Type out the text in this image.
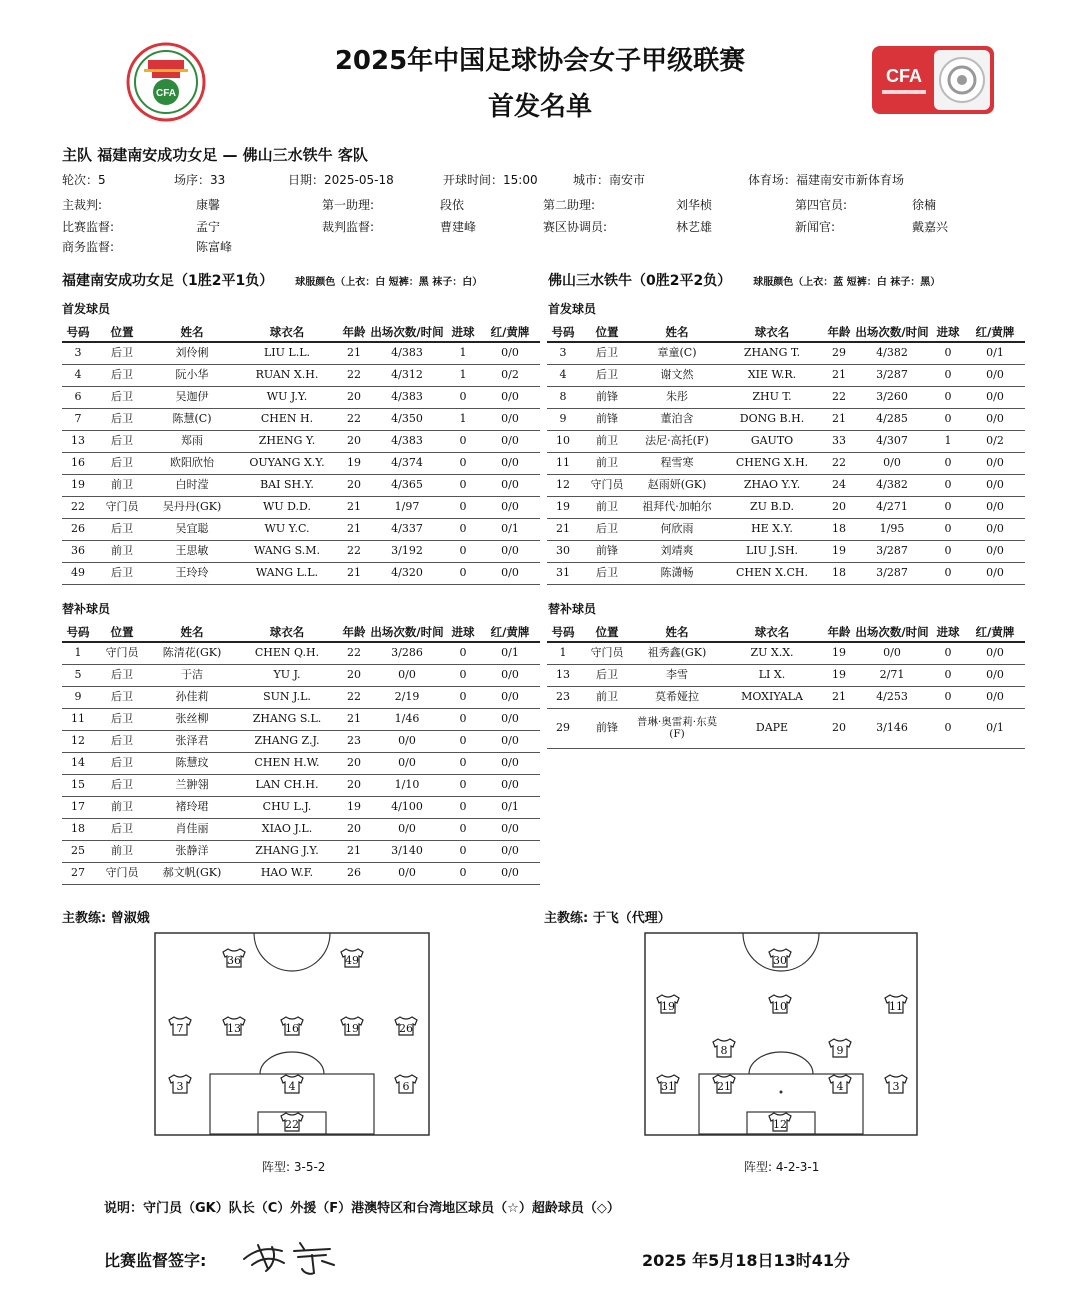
CFA
2025年中国足球协会女子甲级联赛
首发名单
CFA
主队 福建南安成功女足 — 佛山三水铁牛 客队
轮次：5	场序：33	日期：2025-05-18	开球时间：15:00	城市：南安市	体育场：福建南安市新体育场
主裁判:	康馨	第一助理:	段依	第二助理:	刘华桢	第四官员:	徐楠
比赛监督:	孟宁	裁判监督:	曹建峰	赛区协调员:	林艺雄	新闻官:	戴嘉兴
商务监督:	陈富峰
福建南安成功女足（1胜2平1负） 球服颜色（上衣：白 短裤：黑 袜子：白）	佛山三水铁牛（0胜2平2负） 球服颜色（上衣：蓝 短裤：白 袜子：黑）
首发球员	首发球员
替补球员	替补球员
号码	位置	姓名	球衣名	年龄	出场次数/时间	进球	红/黄牌
3	后卫	刘伶俐	LIU L.L.	21	4/383	1	0/0
4	后卫	阮小华	RUAN X.H.	22	4/312	1	0/2
6	后卫	吴迦伊	WU J.Y.	20	4/383	0	0/0
7	后卫	陈慧(C)	CHEN H.	22	4/350	1	0/0
13	后卫	郑雨	ZHENG Y.	20	4/383	0	0/0
16	后卫	欧阳欣怡	OUYANG X.Y.	19	4/374	0	0/0
19	前卫	白时滢	BAI SH.Y.	20	4/365	0	0/0
22	守门员	吴丹丹(GK)	WU D.D.	21	1/97	0	0/0
26	后卫	吴宜聪	WU Y.C.	21	4/337	0	0/1
36	前卫	王思敏	WANG S.M.	22	3/192	0	0/0
49	后卫	王玲玲	WANG L.L.	21	4/320	0	0/0
号码	位置	姓名	球衣名	年龄	出场次数/时间	进球	红/黄牌
3	后卫	章童(C)	ZHANG T.	29	4/382	0	0/1
4	后卫	谢文然	XIE W.R.	21	3/287	0	0/0
8	前锋	朱彤	ZHU T.	22	3/260	0	0/0
9	前锋	董泊含	DONG B.H.	21	4/285	0	0/0
10	前卫	法尼·高托(F)	GAUTO	33	4/307	1	0/2
11	前卫	程雪寒	CHENG X.H.	22	0/0	0	0/0
12	守门员	赵雨妍(GK)	ZHAO Y.Y.	24	4/382	0	0/0
19	前卫	祖拜代·加帕尔	ZU B.D.	20	4/271	0	0/0
21	后卫	何欣雨	HE X.Y.	18	1/95	0	0/0
30	前锋	刘靖爽	LIU J.SH.	19	3/287	0	0/0
31	后卫	陈潇畅	CHEN X.CH.	18	3/287	0	0/0
号码	位置	姓名	球衣名	年龄	出场次数/时间	进球	红/黄牌
1	守门员	陈清花(GK)	CHEN Q.H.	22	3/286	0	0/1
5	后卫	于洁	YU J.	20	0/0	0	0/0
9	后卫	孙佳莉	SUN J.L.	22	2/19	0	0/0
11	后卫	张丝柳	ZHANG S.L.	21	1/46	0	0/0
12	后卫	张泽君	ZHANG Z.J.	23	0/0	0	0/0
14	后卫	陈慧玟	CHEN H.W.	20	0/0	0	0/0
15	后卫	兰翀翎	LAN CH.H.	20	1/10	0	0/0
17	前卫	褚玲珺	CHU L.J.	19	4/100	0	0/1
18	后卫	肖佳丽	XIAO J.L.	20	0/0	0	0/0
25	前卫	张静洋	ZHANG J.Y.	21	3/140	0	0/0
27	守门员	郝文帆(GK)	HAO W.F.	26	0/0	0	0/0
号码	位置	姓名	球衣名	年龄	出场次数/时间	进球	红/黄牌
1	守门员	祖秀鑫(GK)	ZU X.X.	19	0/0	0	0/0
13	后卫	李雪	LI X.	19	2/71	0	0/0
23	前卫	莫希娅拉	MOXIYALA	21	4/253	0	0/0
29	前锋	普琳·奥雷莉·东莫(F)	DAPE	20	3/146	0	0/1
主教练: 曾淑娥	主教练: 于飞（代理）
36	49
7	13	16	19	26
3	4	6
22
30
19	10	11
8	9
31	21	4	3
12
阵型: 3-5-2	阵型: 4-2-3-1
说明：守门员（GK）队长（C）外援（F）港澳特区和台湾地区球员（☆）超龄球员（◇）
比赛监督签字:	2025 年5月18日13时41分
